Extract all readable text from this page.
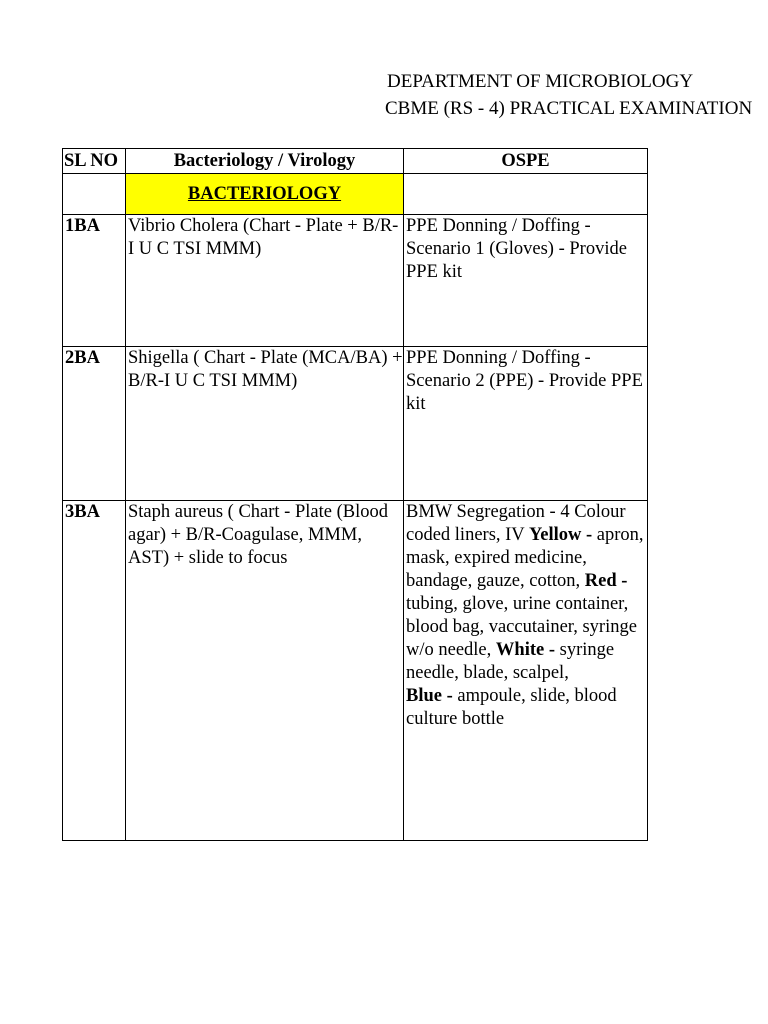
DEPARTMENT OF MICROBIOLOGY
CBME (RS - 4) PRACTICAL EXAMINATION
SL NO	Bacteriology / Virology	OSPE
	BACTERIOLOGY	
1BA	Vibrio Cholera (Chart - Plate + B/R-I U C TSI MMM)	PPE Donning / Doffing - Scenario 1 (Gloves) - Provide PPE kit
2BA	Shigella ( Chart - Plate (MCA/BA) + B/R-I U C TSI MMM)	PPE Donning / Doffing - Scenario 2 (PPE) - Provide PPE kit
3BA	Staph aureus ( Chart - Plate (Blood agar) + B/R-Coagulase, MMM, AST) + slide to focus	BMW Segregation - 4 Colour
coded liners, IV Yellow - apron, mask, expired medicine, bandage, gauze, cotton, Red - tubing, glove, urine container, blood bag, vaccutainer, syringe w/o needle, White - syringe needle, blade, scalpel,
Blue - ampoule, slide, blood culture bottle
